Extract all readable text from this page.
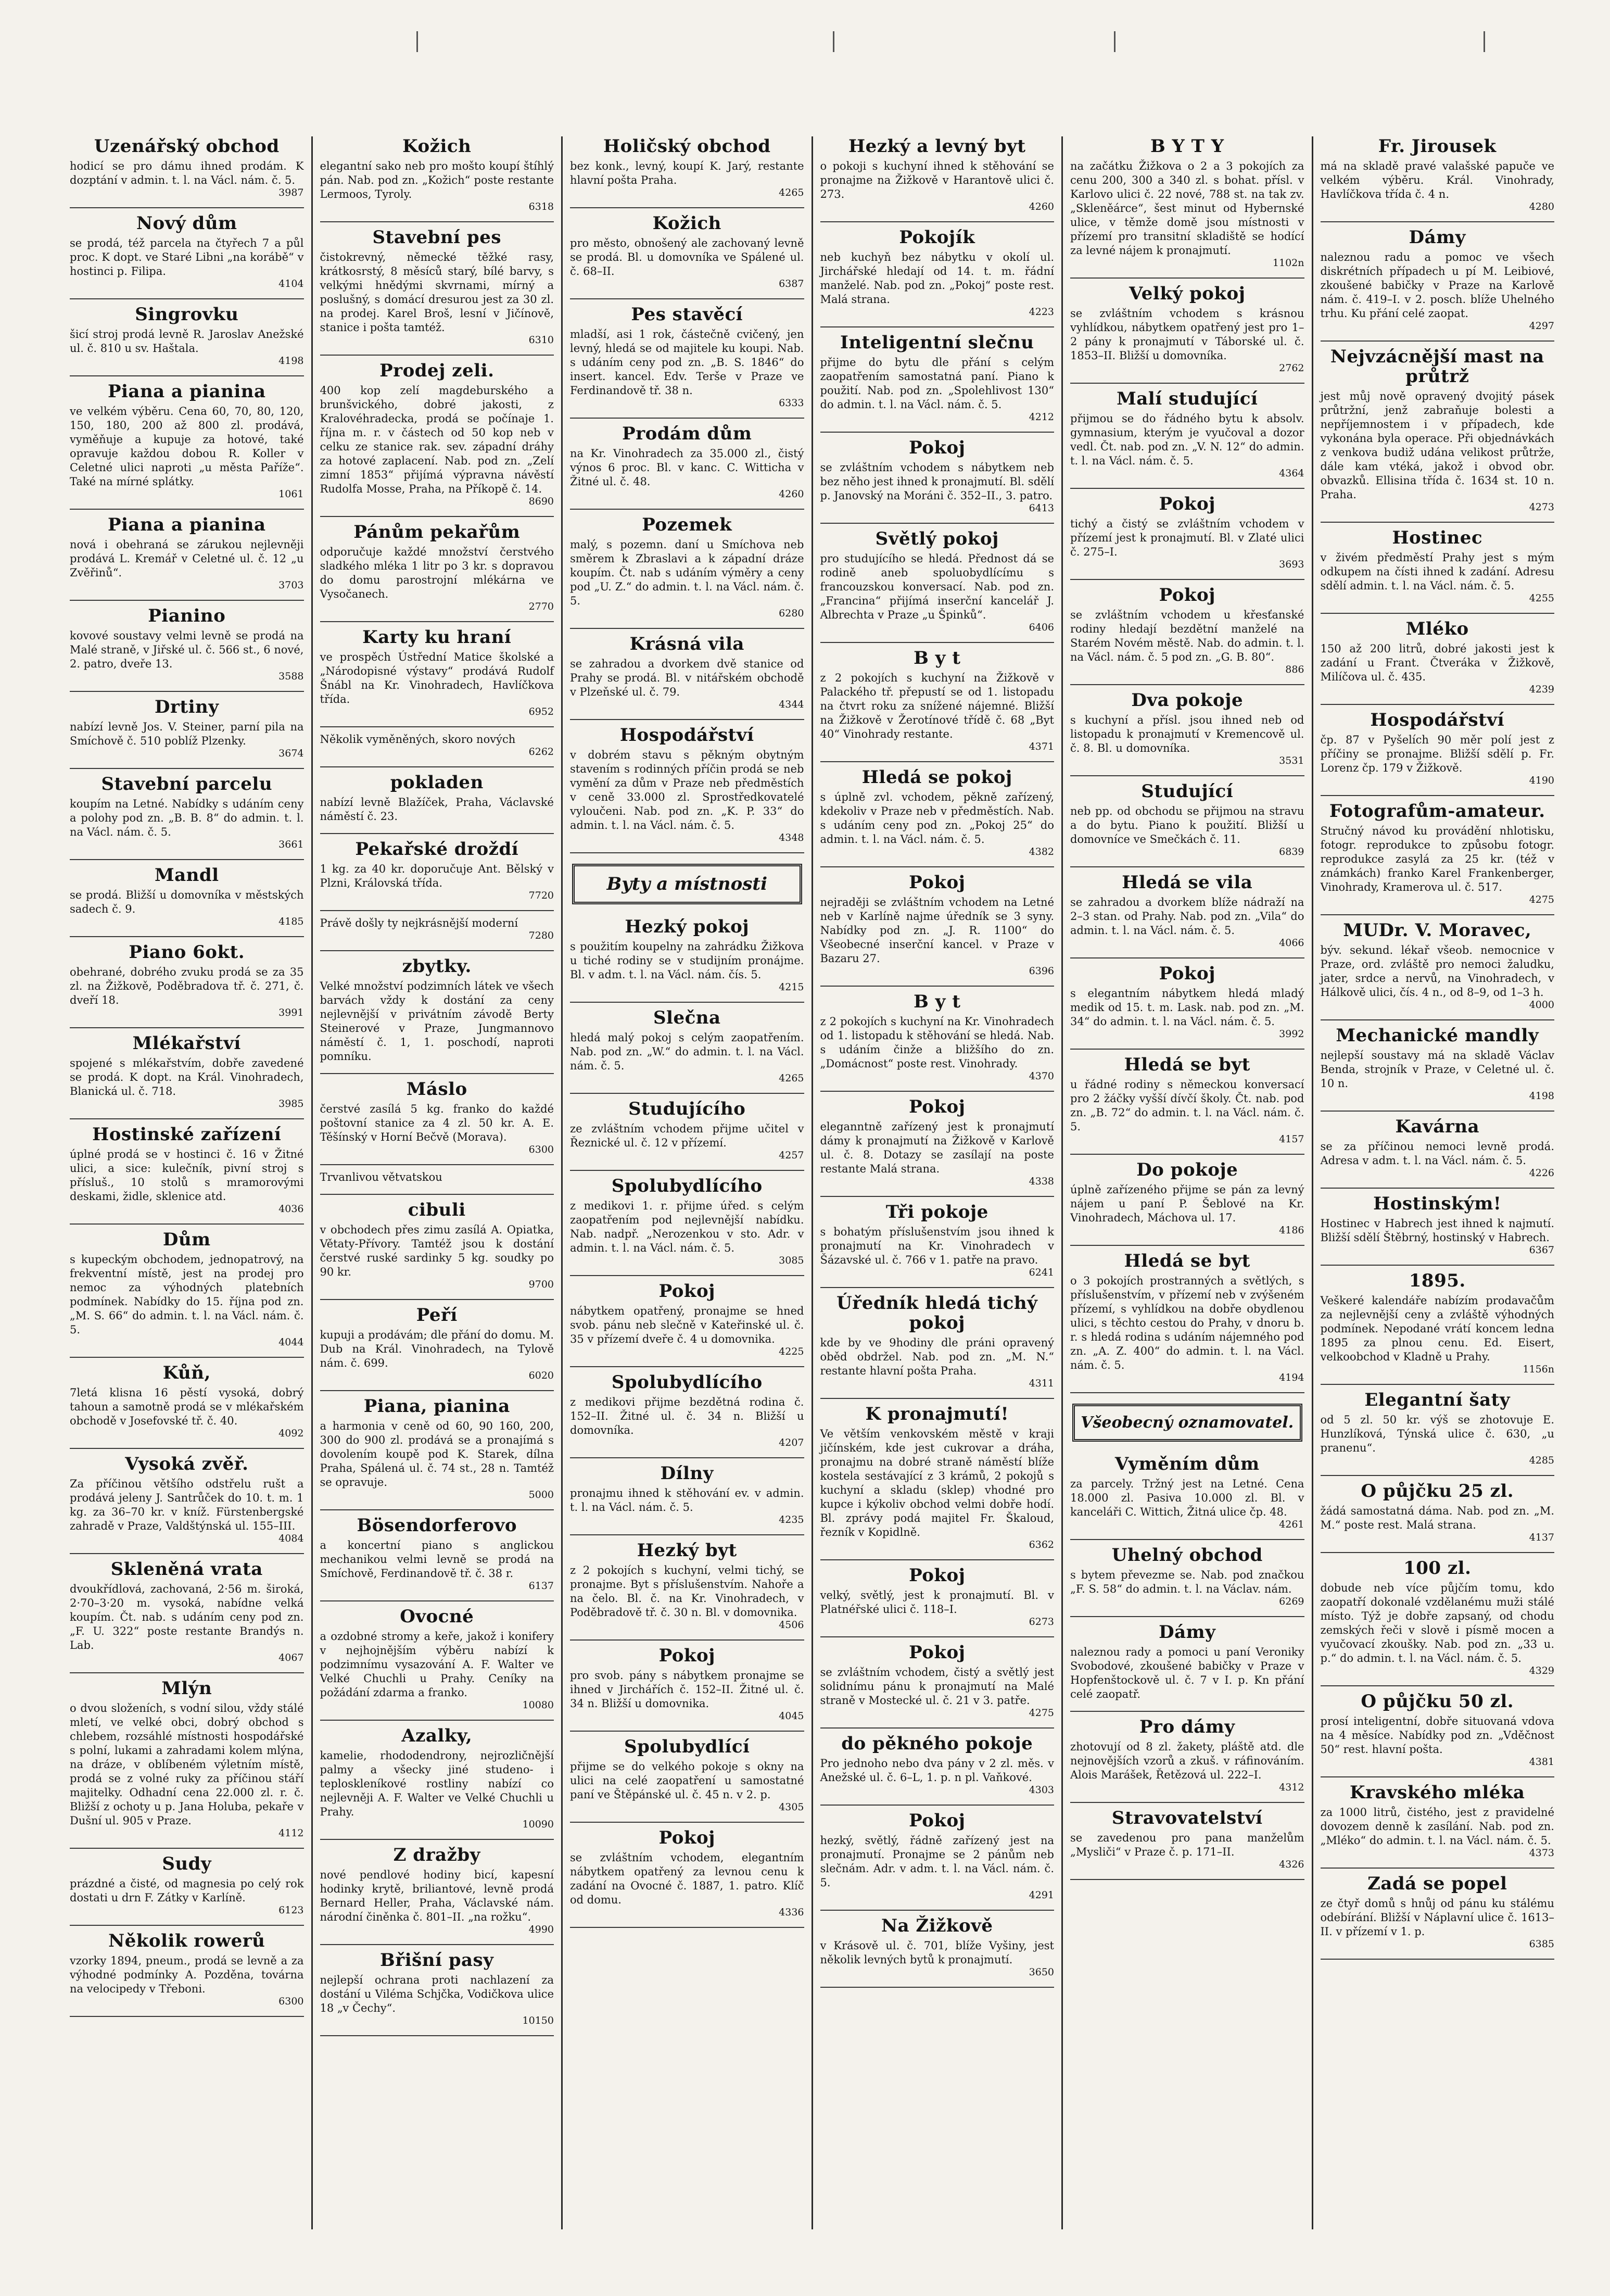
Uzenářský obchod

hodicí se pro dámu ihned prodám. K dozptání v admin. t. l. na Václ. nám. č. 5.

3987
Nový dům

se prodá, též parcela na čtyřech 7 a půl proc. K dopt. ve Staré Libni „na korábě“ v hostinci p. Filipa.

4104
Singrovku

šicí stroj prodá levně R. Jaroslav Anežské ul. č. 810 u sv. Haštala.

4198
Piana a pianina

ve velkém výběru. Cena 60, 70, 80, 120, 150, 180, 200 až 800 zl. prodává, vyměňuje a kupuje za hotové, také opravuje každou dobou R. Koller v Celetné ulici naproti „u města Paříže“. Také na mírné splátky.

1061
Piana a pianina

nová i obehraná se zárukou nejlevněji prodává L. Kremář v Celetné ul. č. 12 „u Zvěřinů“.

3703
Pianino

kovové soustavy velmi levně se prodá na Malé straně, v Jiřské ul. č. 566 st., 6 nové, 2. patro, dveře 13.

3588
Drtiny

nabízí levně Jos. V. Steiner, parní pila na Smíchově č. 510 poblíž Plzenky.

3674
Stavební parcelu

koupím na Letné. Nabídky s udáním ceny a polohy pod zn. „B. B. 8“ do admin. t. l. na Václ. nám. č. 5.

3661
Mandl

se prodá. Bližší u domovníka v městských sadech č. 9.

4185
Piano 6okt.

obehrané, dobrého zvuku prodá se za 35 zl. na Žižkově, Poděbradova tř. č. 271, č. dveří 18.

3991
Mlékařství

spojené s mlékařstvím, dobře zavedené se prodá. K dopt. na Král. Vinohradech, Blanická ul. č. 718.

3985
Hostinské zařízení

úplné prodá se v hostinci č. 16 v Žitné ulici, a sice: kulečník, pivní stroj s přísluš., 10 stolů s mramorovými deskami, židle, sklenice atd.

4036
Dům

s kupeckým obchodem, jednopatrový, na frekventní místě, jest na prodej pro nemoc za výhodných platebních podmínek. Nabídky do 15. října pod zn. „M. S. 66“ do admin. t. l. na Václ. nám. č. 5.

4044
Kůň,

7letá klisna 16 pěstí vysoká, dobrý tahoun a samotně prodá se v mlékařském obchodě v Josefovské tř. č. 40.

4092
Vysoká zvěř.

Za příčinou většího odstřelu rušt a prodává jeleny J. Santrůček do 10. t. m. 1 kg. za 36–70 kr. v kníž. Fürstenbergské zahradě v Praze, Valdštýnská ul. 155–III.

4084
Skleněná vrata

dvoukřídlová, zachovaná, 2·56 m. široká, 2·70–3·20 m. vysoká, nabídne velká koupím. Čt. nab. s udáním ceny pod zn. „F. U. 322“ poste restante Brandýs n. Lab.

4067
Mlýn

o dvou složeních, s vodní silou, vždy stálé mletí, ve velké obci, dobrý obchod s chlebem, rozsáhlé místnosti hospodářské s polní, lukami a zahradami kolem mlýna, na dráze, v oblíbeném výletním místě, prodá se z volné ruky za příčinou stáří majitelky. Odhadní cena 22.000 zl. r. č. Bližší z ochoty u p. Jana Holuba, pekaře v Dušní ul. 905 v Praze.

4112
Sudy

prázdné a čisté, od magnesia po celý rok dostati u drn F. Zátky v Karlíně.

6123
Několik rowerů

vzorky 1894, pneum., prodá se levně a za výhodné podmínky A. Pozděna, továrna na velocipedy v Třeboni.

6300
Kožich

elegantní sako neb pro mošto koupí štíhlý pán. Nab. pod zn. „Kožich“ poste restante Lermoos, Tyroly.

6318
Stavební pes

čistokrevný, německé těžké rasy, krátkosrstý, 8 měsíců starý, bílé barvy, s velkými hnědými skvrnami, mírný a poslušný, s domácí dresurou jest za 30 zl. na prodej. Karel Broš, lesní v Jičínově, stanice i pošta tamtéž.

6310
Prodej zeli.

400 kop zelí magdeburského a brunšvického, dobré jakosti, z Kralovéhradecka, prodá se počínaje 1. října m. r. v částech od 50 kop neb v celku ze stanice rak. sev. západní dráhy za hotové zaplacení. Nab. pod zn. „Zelí zimní 1853“ přijímá výpravna návěstí Rudolfa Mosse, Praha, na Příkopě č. 14.

8690
Pánům pekařům

odporučuje každé množství čerstvého sladkého mléka 1 litr po 3 kr. s dopravou do domu parostrojní mlékárna ve Vysočanech.

2770
Karty ku hraní

ve prospěch Ústřední Matice školské a „Národopisné výstavy“ prodává Rudolf Šnábl na Kr. Vinohradech, Havlíčkova třída.

6952

Několik vyměněných, skoro nových

6262
pokladen

nabízí levně Blažíček, Praha, Václavské náměstí č. 23.

Pekařské droždí

1 kg. za 40 kr. doporučuje Ant. Bělský v Plzni, Královská třída.

7720

Právě došly ty nejkrásnější moderní

7280
zbytky.

Velké množství podzimních látek ve všech barvách vždy k dostání za ceny nejlevnější v privátním závodě Berty Steinerové v Praze, Jungmannovo náměstí č. 1, 1. poschodí, naproti pomníku.

Máslo

čerstvé zasílá 5 kg. franko do každé poštovní stanice za 4 zl. 50 kr. A. E. Těšínský v Horní Bečvě (Morava).

6300

Trvanlivou větvatskou

cibuli

v obchodech přes zimu zasílá A. Opiatka, Větaty-Přívory. Tamtéž jsou k dostání čerstvé ruské sardinky 5 kg. soudky po 90 kr.

9700
Peří

kupuji a prodávám; dle přání do domu. M. Dub na Král. Vinohradech, na Tylově nám. č. 699.

6020
Piana, pianina

a harmonia v ceně od 60, 90 160, 200, 300 do 900 zl. prodává se a pronajímá s dovolením koupě pod K. Starek, dílna Praha, Spálená ul. č. 74 st., 28 n. Tamtéž se opravuje.

5000
Bösendorferovo

a koncertní piano s anglickou mechanikou velmi levně se prodá na Smíchově, Ferdinandově tř. č. 38 r.

6137
Ovocné

a ozdobné stromy a keře, jakož i konifery v nejhojnějším výběru nabízí k podzimnímu vysazování A. F. Walter ve Velké Chuchli u Prahy. Ceníky na požádání zdarma a franko.

10080
Azalky,

kamelie, rhododendrony, nejrozličnější palmy a všecky jiné studeno- i teploskleníkové rostliny nabízí co nejlevněji A. F. Walter ve Velké Chuchli u Prahy.

10090
Z dražby

nové pendlové hodiny bicí, kapesní hodinky krytě, briliantové, levně prodá Bernard Heller, Praha, Václavské nám. národní činěnka č. 801–II. „na rožku“.

4990
Břišní pasy

nejlepší ochrana proti nachlazení za dostání u Viléma Schjčka, Vodičkova ulice 18 „v Čechy“.

10150
Holičský obchod

bez konk., levný, koupí K. Jarý, restante hlavní pošta Praha.

4265
Kožich

pro město, obnošený ale zachovaný levně se prodá. Bl. u domovníka ve Spálené ul. č. 68–II.

6387
Pes stavěcí

mladší, asi 1 rok, částečně cvičený, jen levný, hledá se od majitele ku koupi. Nab. s udáním ceny pod zn. „B. S. 1846“ do insert. kancel. Edv. Terše v Praze ve Ferdinandově tř. 38 n.

6333
Prodám dům

na Kr. Vinohradech za 35.000 zl., čistý výnos 6 proc. Bl. v kanc. C. Witticha v Žitné ul. č. 48.

4260
Pozemek

malý, s pozemn. daní u Smíchova neb směrem k Zbraslavi a k západní dráze koupím. Čt. nab s udáním výměry a ceny pod „U. Z.“ do admin. t. l. na Václ. nám. č. 5.

6280
Krásná vila

se zahradou a dvorkem dvě stanice od Prahy se prodá. Bl. v nitářském obchodě v Plzeňské ul. č. 79.

4344
Hospodářství

v dobrém stavu s pěkným obytným stavením s rodinných příčin prodá se neb vymění za dům v Praze neb předměstích v ceně 33.000 zl. Sprostředkovatelé vyloučeni. Nab. pod zn. „K. P. 33“ do admin. t. l. na Václ. nám. č. 5.

4348
Byty a místnosti
Hezký pokoj

s použitím koupelny na zahrádku Žižkova u tiché rodiny se v studijním pronájme. Bl. v adm. t. l. na Václ. nám. čís. 5.

4215
Slečna

hledá malý pokoj s celým zaopatřením. Nab. pod zn. „W.“ do admin. t. l. na Václ. nám. č. 5.

4265
Studujícího

ze zvláštním vchodem přijme učitel v Řeznické ul. č. 12 v přízemí.

4257
Spolubydlícího

z medikovi 1. r. přijme úřed. s celým zaopatřením pod nejlevnější nabídku. Nab. nadpř. „Nerozenkou v sto. Adr. v admin. t. l. na Václ. nám. č. 5.

3085
Pokoj

nábytkem opatřený, pronajme se hned svob. pánu neb slečně v Kateřinské ul. č. 35 v přízemí dveře č. 4 u domovnika.

4225
Spolubydlícího

z medikovi přijme bezdětná rodina č. 152–II. Žitné ul. č. 34 n. Bližší u domovníka.

4207
Dílny

pronajmu ihned k stěhování ev. v admin. t. l. na Václ. nám. č. 5.

4235
Hezký byt

z 2 pokojích s kuchyní, velmi tichý, se pronajme. Byt s příslušenstvím. Nahoře a na čelo. Bl. č. na Kr. Vinohradech, v Poděbradově tř. č. 30 n. Bl. v domovnika.

4506
Pokoj

pro svob. pány s nábytkem pronajme se ihned v Jirchářích č. 152–II. Žitné ul. č. 34 n. Bližší u domovnika.

4045
Spolubydlící

přijme se do velkého pokoje s okny na ulici na celé zaopatření u samostatné paní ve Štěpánské ul. č. 45 n. v 2. p.

4305
Pokoj

se zvláštním vchodem, elegantním nábytkem opatřený za levnou cenu k zadání na Ovocné č. 1887, 1. patro. Klíč od domu.

4336
Hezký a levný byt

o pokoji s kuchyní ihned k stěhování se pronajme na Žižkově v Harantově ulici č. 273.

4260
Pokojík

neb kuchyň bez nábytku v okolí ul. Jirchářské hledají od 14. t. m. řádní manželé. Nab. pod zn. „Pokoj“ poste rest. Malá strana.

4223
Inteligentní slečnu

přijme do bytu dle přání s celým zaopatřením samostatná paní. Piano k použití. Nab. pod zn. „Spolehlivost 130“ do admin. t. l. na Václ. nám. č. 5.

4212
Pokoj

se zvláštním vchodem s nábytkem neb bez něho jest ihned k pronajmutí. Bl. sdělí p. Janovský na Moráni č. 352–II., 3. patro.

6413
Světlý pokoj

pro studujícího se hledá. Přednost dá se rodině aneb spoluobydlícímu s francouzskou konversací. Nab. pod zn. „Francina“ přijímá inserční kancelář J. Albrechta v Praze „u Špinků“.

6406
B y t

z 2 pokojích s kuchyní na Žižkově v Palackého tř. přepustí se od 1. listopadu na čtvrt roku za snížené nájemné. Bližší na Žižkově v Žerotínové třídě č. 68 „Byt 40“ Vinohrady restante.

4371
Hledá se pokoj

s úplně zvl. vchodem, pěkně zařízený, kdekoliv v Praze neb v předměstích. Nab. s udáním ceny pod zn. „Pokoj 25“ do admin. t. l. na Václ. nám. č. 5.

4382
Pokoj

nejraději se zvláštním vchodem na Letné neb v Karlíně najme úředník se 3 syny. Nabídky pod zn. „J. R. 1100“ do Všeobecné inserční kancel. v Praze v Bazaru 27.

6396
B y t

z 2 pokojích s kuchyní na Kr. Vinohradech od 1. listopadu k stěhování se hledá. Nab. s udáním činže a bližšího do zn. „Domácnost“ poste rest. Vinohrady.

4370
Pokoj

eleganntně zařízený jest k pronajmutí dámy k pronajmutí na Žižkově v Karlově ul. č. 8. Dotazy se zasílají na poste restante Malá strana.

4338
Tři pokoje

s bohatým příslušenstvím jsou ihned k pronajmutí na Kr. Vinohradech v Šázavské ul. č. 766 v 1. patře na pravo.

6241
Úředník hledá tichý pokoj

kde by ve 9hodiny dle práni opravený oběd obdržel. Nab. pod zn. „M. N.“ restante hlavní pošta Praha.

4311
K pronajmutí!

Ve větším venkovském městě v kraji jičínském, kde jest cukrovar a dráha, pronajmu na dobré straně náměstí blíže kostela sestávající z 3 krámů, 2 pokojů s kuchyní a skladu (sklep) vhodné pro kupce i kýkoliv obchod velmi dobře hodí. Bl. zprávy podá majitel Fr. Škaloud, řezník v Kopidlně.

6362
Pokoj

velký, světlý, jest k pronajmutí. Bl. v Platnéřské ulici č. 118–I.

6273
Pokoj

se zvláštním vchodem, čistý a světlý jest solidnímu pánu k pronajmutí na Malé straně v Mostecké ul. č. 21 v 3. patře.

4275
do pěkného pokoje

Pro jednoho nebo dva pány v 2 zl. měs. v Anežské ul. č. 6–L, 1. p. n pl. Vaňkové.

4303
Pokoj

hezký, světlý, řádně zařízený jest na pronajmutí. Pronajme se 2 pánům neb slečnám. Adr. v adm. t. l. na Václ. nám. č. 5.

4291
Na Žižkově

v Krásově ul. č. 701, blíže Vyšiny, jest několik levných bytů k pronajmutí.

3650
B Y T Y

na začátku Žižkova o 2 a 3 pokojích za cenu 200, 300 a 340 zl. s bohat. přísl. v Karlovo ulici č. 22 nové, 788 st. na tak zv. „Skleněárce“, šest minut od Hybernské ulice, v těmže domě jsou místnosti v přízemí pro transitní skladiště se hodící za levné nájem k pronajmutí.

1102n
Velký pokoj

se zvláštním vchodem s krásnou vyhlídkou, nábytkem opatřený jest pro 1–2 pány k pronajmutí v Táborské ul. č. 1853–II. Bližší u domovníka.

2762
Malí studující

přijmou se do řádného bytu k absolv. gymnasium, kterým je vyučoval a dozor vedl. Čt. nab. pod zn. „V. N. 12“ do admin. t. l. na Václ. nám. č. 5.

4364
Pokoj

tichý a čistý se zvláštním vchodem v přízemí jest k pronajmutí. Bl. v Zlaté ulici č. 275–I.

3693
Pokoj

se zvláštním vchodem u křesťanské rodiny hledají bezdětní manželé na Starém Novém městě. Nab. do admin. t. l. na Václ. nám. č. 5 pod zn. „G. B. 80“.

886
Dva pokoje

s kuchyní a přísl. jsou ihned neb od listopadu k pronajmutí v Kremencově ul. č. 8. Bl. u domovníka.

3531
Studující

neb pp. od obchodu se přijmou na stravu a do bytu. Piano k použití. Bližší u domovníce ve Smečkách č. 11.

6839
Hledá se vila

se zahradou a dvorkem blíže nádraží na 2–3 stan. od Prahy. Nab. pod zn. „Vila“ do admin. t. l. na Václ. nám. č. 5.

4066
Pokoj

s elegantním nábytkem hledá mladý medik od 15. t. m. Lask. nab. pod zn. „M. 34“ do admin. t. l. na Václ. nám. č. 5.

3992
Hledá se byt

u řádné rodiny s německou konversací pro 2 žáčky vyšší dívčí školy. Čt. nab. pod zn. „B. 72“ do admin. t. l. na Václ. nám. č. 5.

4157
Do pokoje

úplně zařízeného přijme se pán za levný nájem u paní P. Šeblové na Kr. Vinohradech, Máchova ul. 17.

4186
Hledá se byt

o 3 pokojích prostranných a světlých, s příslušenstvím, v přízemí neb v zvýšeném přízemí, s vyhlídkou na dobře obydlenou ulici, s těchto cestou do Prahy, v dnoru b. r. s hledá rodina s udáním nájemného pod zn. „A. Z. 400“ do admin. t. l. na Václ. nám. č. 5.

4194
Všeobecný oznamovatel.
Vyměním dům

za parcely. Tržný jest na Letné. Cena 18.000 zl. Pasiva 10.000 zl. Bl. v kanceláři C. Wittich, Žitná ulice čp. 48.

4261
Uhelný obchod

s bytem převezme se. Nab. pod značkou „F. S. 58“ do admin. t. l. na Václav. nám.

6269
Dámy

naleznou rady a pomoci u paní Veroniky Svobodové, zkoušené babičky v Praze v Hopfenštockově ul. č. 7 v I. p. Kn přání celé zaopatř.

Pro dámy

zhotovují od 8 zl. žakety, pláště atd. dle nejnovějších vzorů a zkuš. v ráfinováním. Alois Marášek, Řetězová ul. 222–I.

4312
Stravovatelství

se zavedenou pro pana manželům „Mysliči“ v Praze č. p. 171–II.

4326
Fr. Jirousek

má na skladě pravé valašské papuče ve velkém výběru. Král. Vinohrady, Havlíčkova třída č. 4 n.

4280
Dámy

naleznou radu a pomoc ve všech diskrétních případech u pí M. Leibiové, zkoušené babičky v Praze na Karlově nám. č. 419–I. v 2. posch. blíže Uhelného trhu. Ku přání celé zaopat.

4297
Nejvzácnější mast na průtrž

jest můj nově opravený dvojitý pásek průtržní, jenž zabraňuje bolesti a nepříjemnostem i v případech, kde vykonána byla operace. Při objednávkách z venkova budiž udána velikost průtrže, dále kam vtéká, jakož i obvod obr. obvazků. Ellisina třída č. 1634 st. 10 n. Praha.

4273
Hostinec

v živém předměstí Prahy jest s mým odkupem na čísti ihned k zadání. Adresu sdělí admin. t. l. na Václ. nám. č. 5.

4255
Mléko

150 až 200 litrů, dobré jakosti jest k zadání u Frant. Čtveráka v Žižkově, Milíčova ul. č. 435.

4239
Hospodářství

čp. 87 v Pyšelích 90 měr polí jest z příčiny se pronajme. Bližší sdělí p. Fr. Lorenz čp. 179 v Žižkově.

4190
Fotografům-amateur.

Stručný návod ku provádění nhlotisku, fotogr. reprodukce to způsobu fotogr. reprodukce zasylá za 25 kr. (též v známkách) franko Karel Frankenberger, Vinohrady, Kramerova ul. č. 517.

4275
MUDr. V. Moravec,

býv. sekund. lékař všeob. nemocnice v Praze, ord. zvláště pro nemoci žaludku, jater, srdce a nervů, na Vinohradech, v Hálkově ulici, čís. 4 n., od 8–9, od 1–3 h.

4000
Mechanické mandly

nejlepší soustavy má na skladě Václav Benda, strojník v Praze, v Celetné ul. č. 10 n.

4198
Kavárna

se za příčinou nemoci levně prodá. Adresa v adm. t. l. na Václ. nám. č. 5.

4226
Hostinským!

Hostinec v Habrech jest ihned k najmutí. Bližší sdělí Štěbrný, hostinský v Habrech.

6367
1895.

Veškeré kalendáře nabízím prodavačům za nejlevnější ceny a zvláště výhodných podmínek. Nepodané vrátí koncem ledna 1895 za plnou cenu. Ed. Eisert, velkoobchod v Kladně u Prahy.

1156n
Elegantní šaty

od 5 zl. 50 kr. výš se zhotovuje E. Hunzlíková, Týnská ulice č. 630, „u pranenu“.

4285
O půjčku 25 zl.

žádá samostatná dáma. Nab. pod zn. „M. M.“ poste rest. Malá strana.

4137
100 zl.

dobude neb více půjčím tomu, kdo zaopatří dokonalé vzdělanému muži stálé místo. Týž je dobře zapsaný, od chodu zemských řeči v slově i písmě mocen a vyučovací zkoušky. Nab. pod zn. „33 u. p.“ do admin. t. l. na Václ. nám. č. 5.

4329
O půjčku 50 zl.

prosí inteligentní, dobře situovaná vdova na 4 měsíce. Nabídky pod zn. „Vděčnost 50“ rest. hlavní pošta.

4381
Kravského mléka

za 1000 litrů, čistého, jest z pravidelné dovozem denně k zasílání. Nab. pod zn. „Mléko“ do admin. t. l. na Václ. nám. č. 5.

4373
Zadá se popel

ze čtyř domů s hnůj od pánu ku stálému odebírání. Bližší v Náplavní ulice č. 1613–II. v přízemí v 1. p.

6385
